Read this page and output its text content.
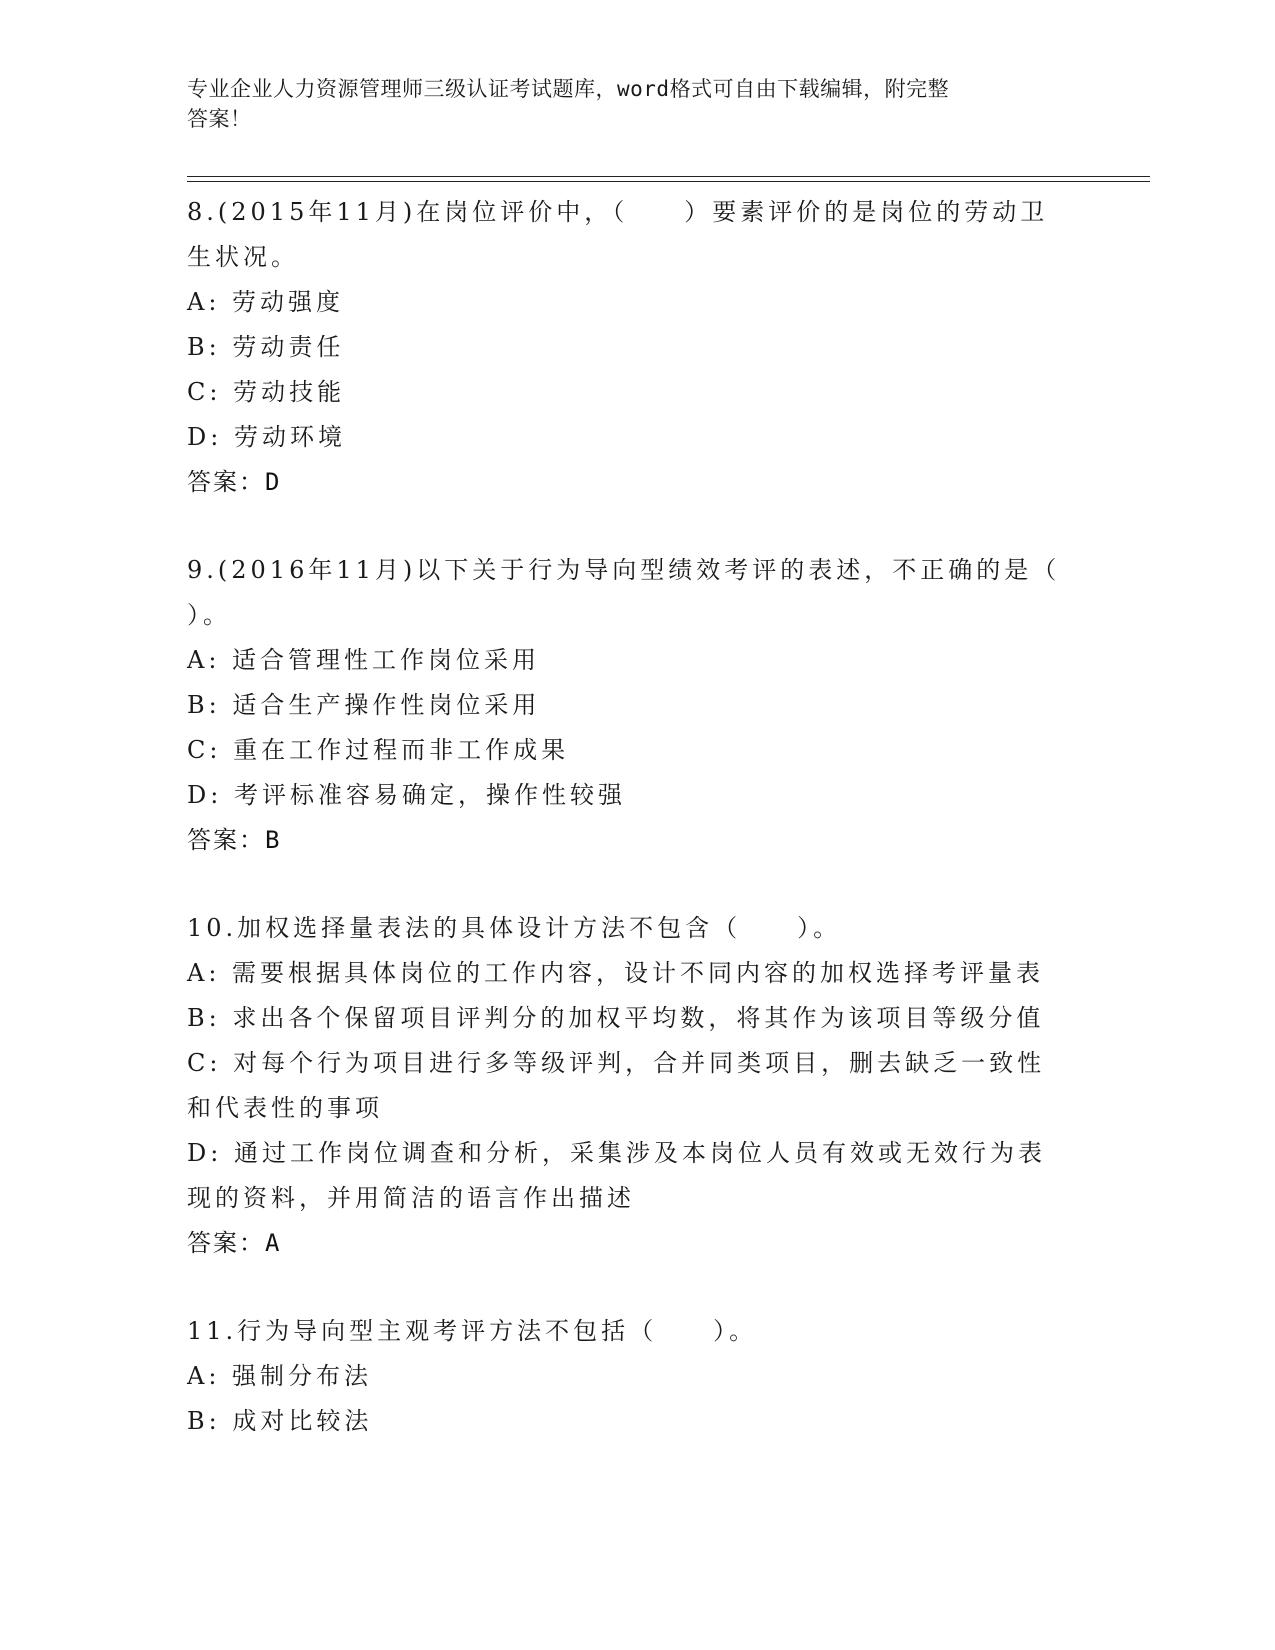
专业企业人力资源管理师三级认证考试题库，word格式可自由下载编辑，附完整
答案！
8.(2015年11月)在岗位评价中，（　　）要素评价的是岗位的劳动卫
生状况。
A: 劳动强度
B: 劳动责任
C: 劳动技能
D: 劳动环境
答案：D
9.(2016年11月)以下关于行为导向型绩效考评的表述，不正确的是（
）。
A: 适合管理性工作岗位采用
B: 适合生产操作性岗位采用
C: 重在工作过程而非工作成果
D: 考评标准容易确定，操作性较强
答案：B
10.加权选择量表法的具体设计方法不包含（　　）。
A: 需要根据具体岗位的工作内容，设计不同内容的加权选择考评量表
B: 求出各个保留项目评判分的加权平均数，将其作为该项目等级分值
C: 对每个行为项目进行多等级评判，合并同类项目，删去缺乏一致性
和代表性的事项
D: 通过工作岗位调查和分析，采集涉及本岗位人员有效或无效行为表
现的资料，并用简洁的语言作出描述
答案：A
11.行为导向型主观考评方法不包括（　　）。
A: 强制分布法
B: 成对比较法
